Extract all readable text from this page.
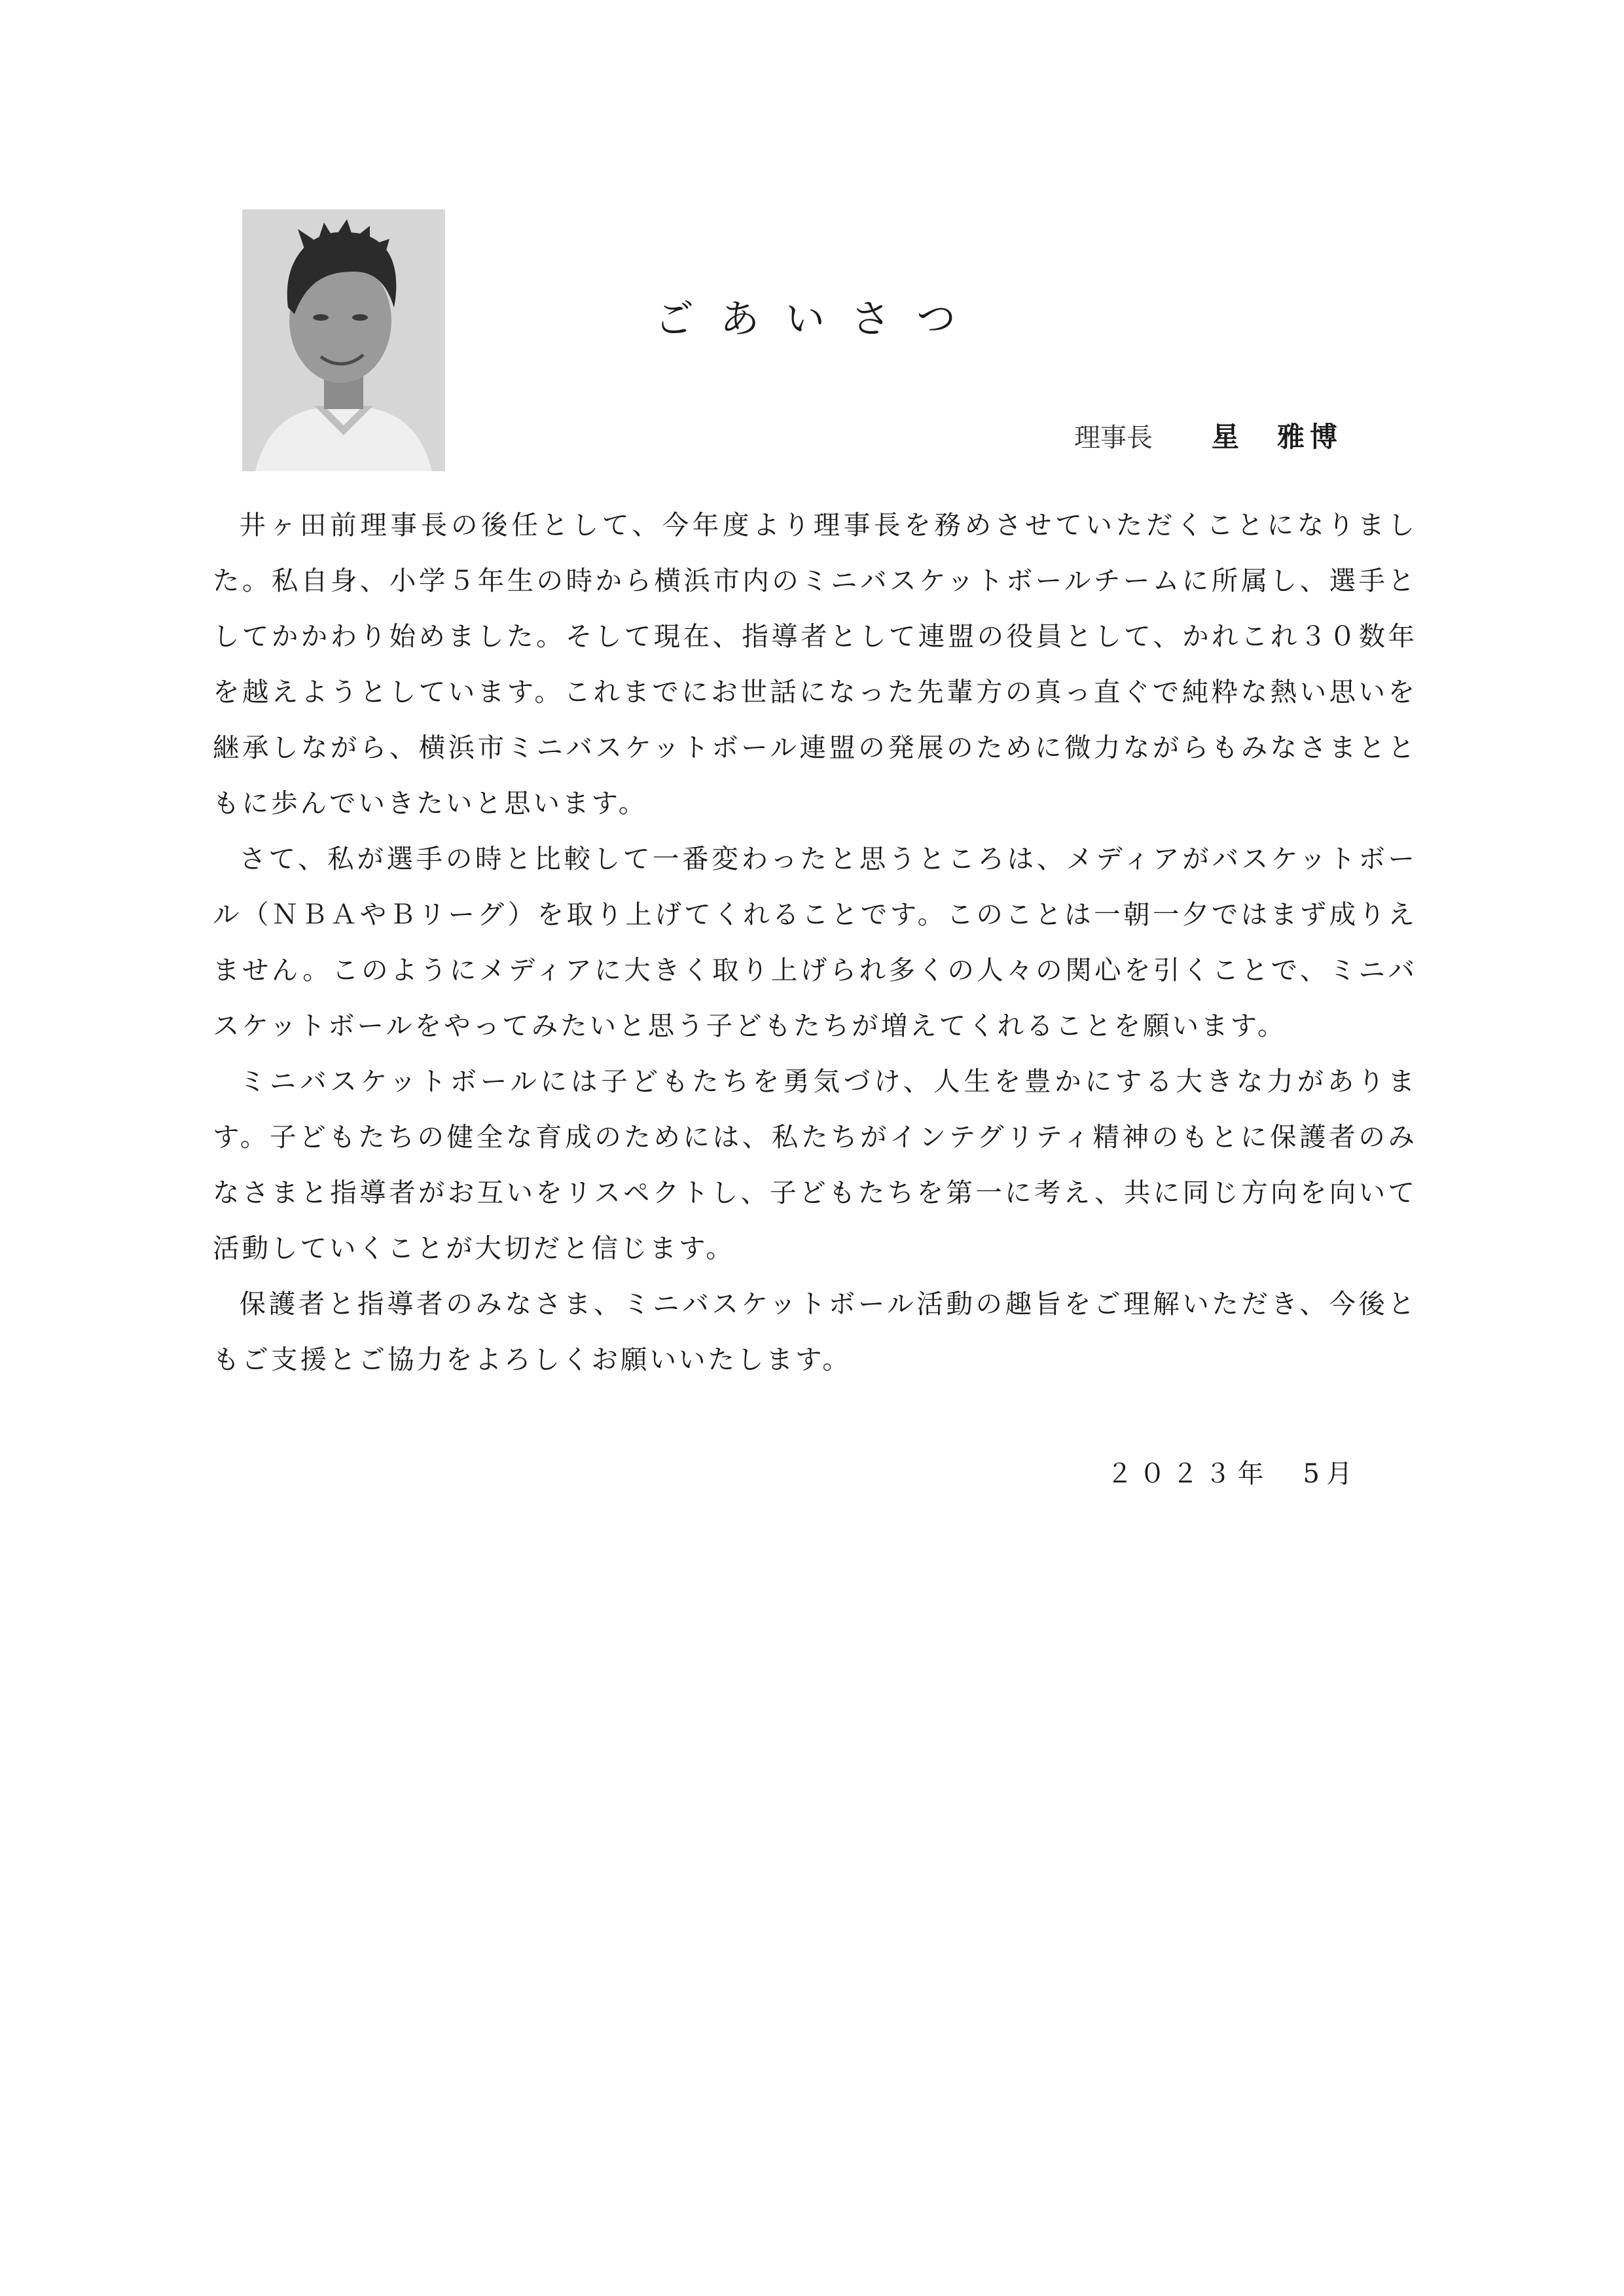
ごあいさつ
理事長 星　雅博

井ヶ田前理事長の後任として、今年度より理事長を務めさせていただくことになりました。私自身、小学５年生の時から横浜市内のミニバスケットボールチームに所属し、選手としてかかわり始めました。そして現在、指導者として連盟の役員として、かれこれ３０数年を越えようとしています。これまでにお世話になった先輩方の真っ直ぐで純粋な熱い思いを継承しながら、横浜市ミニバスケットボール連盟の発展のために微力ながらもみなさまとともに歩んでいきたいと思います。

さて、私が選手の時と比較して一番変わったと思うところは、メディアがバスケットボール（ＮＢＡやＢリーグ）を取り上げてくれることです。このことは一朝一夕ではまず成りえません。このようにメディアに大きく取り上げられ多くの人々の関心を引くことで、ミニバスケットボールをやってみたいと思う子どもたちが増えてくれることを願います。

ミニバスケットボールには子どもたちを勇気づけ、人生を豊かにする大きな力があります。子どもたちの健全な育成のためには、私たちがインテグリティ精神のもとに保護者のみなさまと指導者がお互いをリスペクトし、子どもたちを第一に考え、共に同じ方向を向いて活動していくことが大切だと信じます。

保護者と指導者のみなさま、ミニバスケットボール活動の趣旨をご理解いただき、今後ともご支援とご協力をよろしくお願いいたします。

２０２３年　5月
